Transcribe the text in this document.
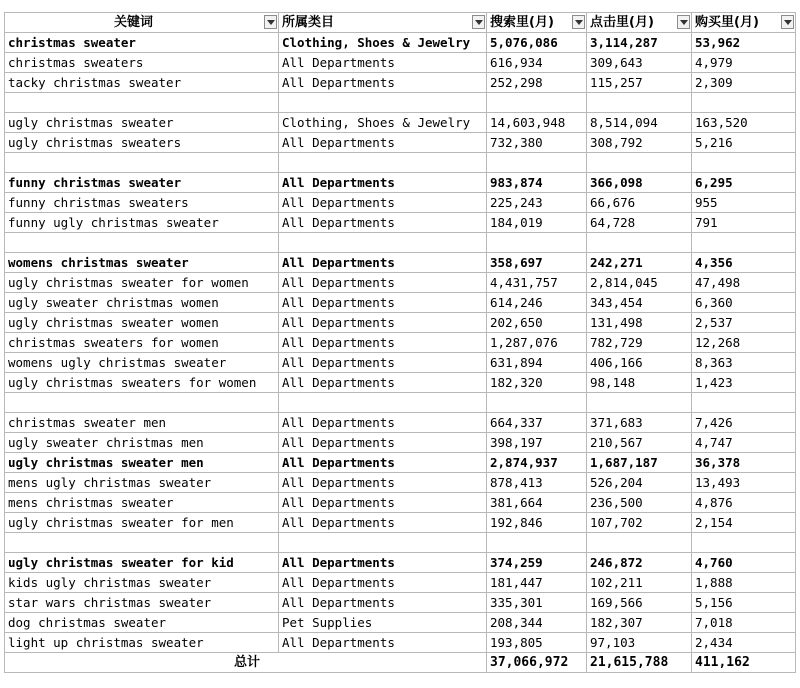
关键词	所属类目	搜索里(月)	点击里(月)	购买里(月)

christmas sweater	Clothing, Shoes & Jewelry	5,076,086	3,114,287	53,962
christmas sweaters	All Departments	616,934	309,643	4,979
tacky christmas sweater	All Departments	252,298	115,257	2,309

ugly christmas sweater	Clothing, Shoes & Jewelry	14,603,948	8,514,094	163,520
ugly christmas sweaters	All Departments	732,380	308,792	5,216

funny christmas sweater	All Departments	983,874	366,098	6,295
funny christmas sweaters	All Departments	225,243	66,676	955
funny ugly christmas sweater	All Departments	184,019	64,728	791

womens christmas sweater	All Departments	358,697	242,271	4,356
ugly christmas sweater for women	All Departments	4,431,757	2,814,045	47,498
ugly sweater christmas women	All Departments	614,246	343,454	6,360
ugly christmas sweater women	All Departments	202,650	131,498	2,537
christmas sweaters for women	All Departments	1,287,076	782,729	12,268
womens ugly christmas sweater	All Departments	631,894	406,166	8,363
ugly christmas sweaters for women	All Departments	182,320	98,148	1,423

christmas sweater men	All Departments	664,337	371,683	7,426
ugly sweater christmas men	All Departments	398,197	210,567	4,747
ugly christmas sweater men	All Departments	2,874,937	1,687,187	36,378
mens ugly christmas sweater	All Departments	878,413	526,204	13,493
mens christmas sweater	All Departments	381,664	236,500	4,876
ugly christmas sweater for men	All Departments	192,846	107,702	2,154

ugly christmas sweater for kid	All Departments	374,259	246,872	4,760
kids ugly christmas sweater	All Departments	181,447	102,211	1,888
star wars christmas sweater	All Departments	335,301	169,566	5,156
dog christmas sweater	Pet Supplies	208,344	182,307	7,018
light up christmas sweater	All Departments	193,805	97,103	2,434
总计		37,066,972	21,615,788	411,162
